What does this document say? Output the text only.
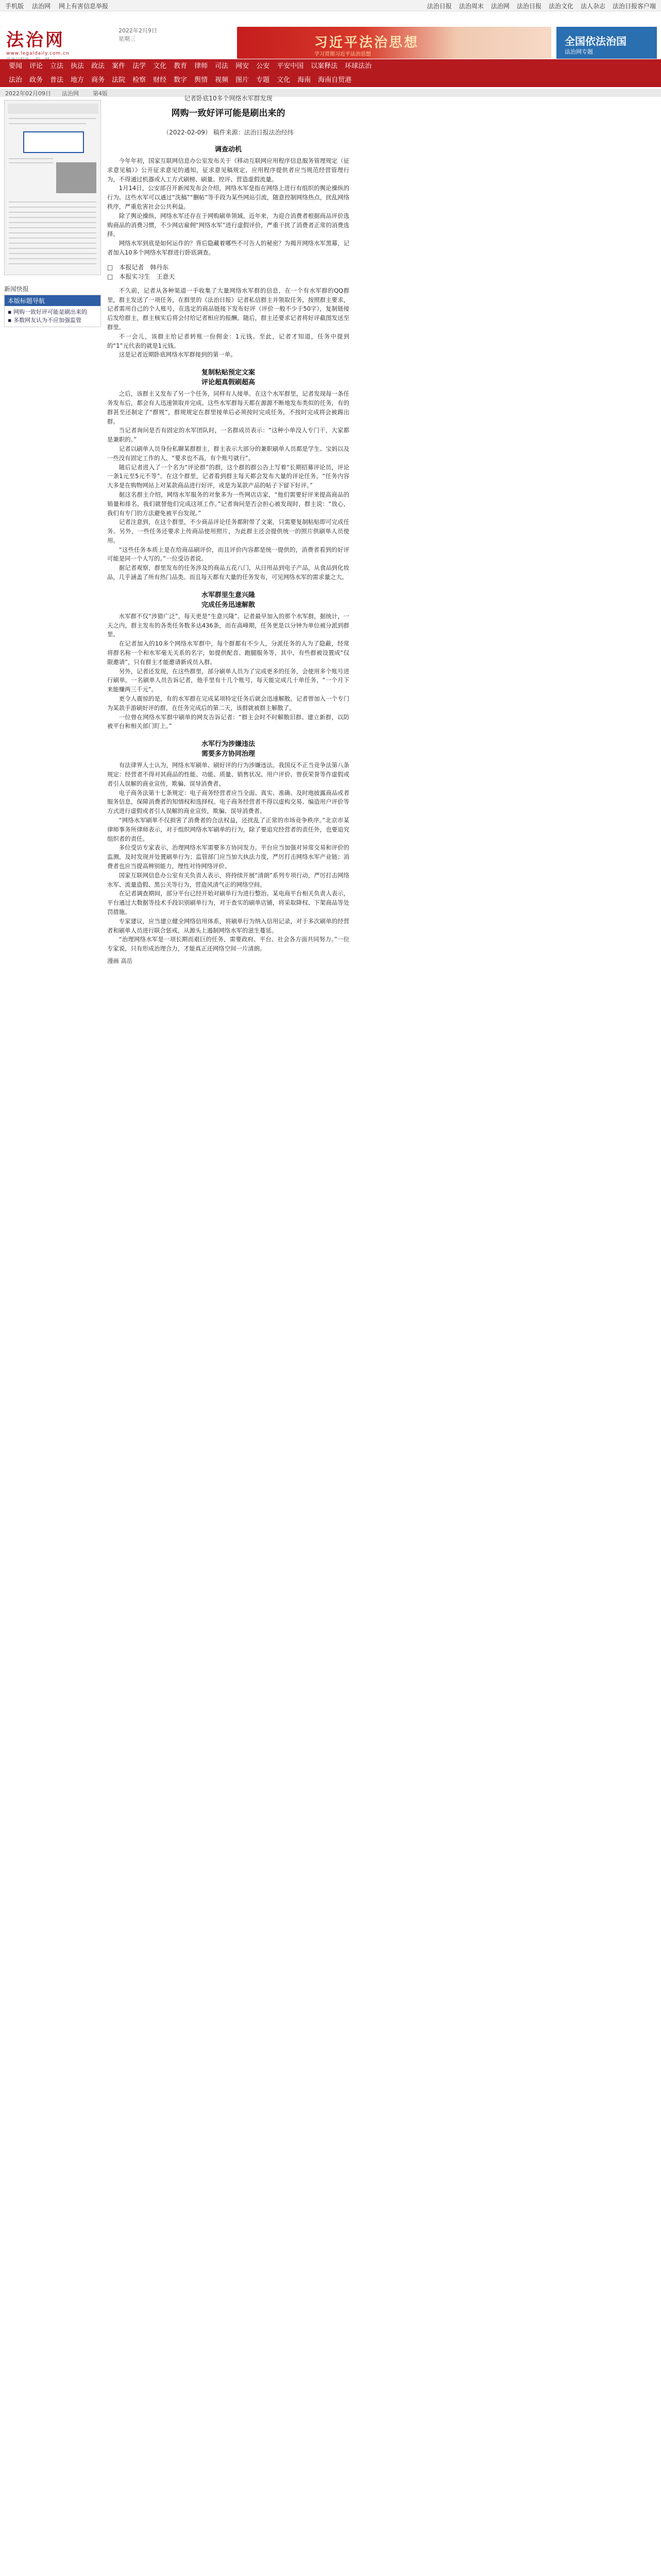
手机版 法治网 网上有害信息举报	法治日报 法治周末 法治网 法治日报 法治文化 法人杂志 法治日报客户端
法治网
www.legaldaily.com.cn
2022年2月9日
星期三	习近平法治思想
学习贯彻习近平法治思想
全国依法治国
法治网专题
要闻	评论	立法	执法	政法	案件	法学	文化	教育	律师	司法	网安	公安	平安中国	以案释法	环球法治
法治	政务	普法	地方	商务	法院	检察	财经	数字	舆情	视频	图片	专题	文化	海南	海南自贸港
2022年02月09日 法治网 第4版
新闻快报
本版标题导航
▪ 网购一致好评可能是刷出来的
▪ 多数网友认为不应加强监管
记者卧底10多个网络水军群发现
网购一致好评可能是刷出来的
（2022-02-09） 稿件来源：法治日报法治经纬
调查动机

今年年初，国家互联网信息办公室发布关于《移动互联网应用程序信息服务管理规定（征求意见稿）》公开征求意见的通知，征求意见稿规定，应用程序提供者应当规范经营管理行为，不得通过机器或人工方式刷榜、刷量、控评、营造虚假流量。

1月14日，公安部召开新闻发布会介绍，网络水军是指在网络上进行有组织的舆论操纵的行为。这些水军可以通过“洗稿”“删帖”等手段为某些网站引流，随意控制网络热点，扰乱网络秩序，严重危害社会公共利益。

除了舆论操纵，网络水军还存在于网购刷单领域。近年来，为迎合消费者根据商品评价选购商品的消费习惯，不少网店雇佣“网络水军”进行虚假评价，严重干扰了消费者正常的消费选择。

网络水军到底是如何运作的？背后隐藏着哪些不可告人的秘密？为揭开网络水军黑幕，记者加入10多个网络水军群进行卧底调查。

□　本报记者　韩丹东
□　本报实习生　王意天

不久前，记者从各种渠道一手收集了大量网络水军群的信息，在一个有水军群的QQ群里，群主发送了一项任务，在群里的《法治日报》记者私信群主并领取任务，按照群主要求，记者需用自己的个人账号，在选定的商品链接下发布好评（评价一般不少于50字），复制链接后发给群主，群主核实后将会付给记者相应的报酬。随后，群主还要求记者将好评截图发送至群里。

不一会儿，该群主给记者转账一份佣金：1元钱。至此，记者才知道，任务中提到的“1”元代表的就是1元钱。

这是记者近期卧底网络水军群接到的第一单。

复制粘贴预定文案
评论超真假刷超高

之后，该群主又发布了另一个任务，同样有人接单。在这个水军群里，记者发现每一条任务发布后，都会有人迅速领取并完成。这些水军群每天都在源源不断地发布类似的任务，有的群甚至还制定了“群规”，群规规定在群里接单后必须按时完成任务，不按时完成将会被踢出群。

当记者询问是否有固定的水军团队时，一名群成员表示：“这种小单没人专门干，大家都是兼职的。”

记者以刷单人员身份私聊某群群主，群主表示大部分的兼职刷单人员都是学生、宝妈以及一些没有固定工作的人，“要求也不高，有个账号就行”。

随后记者进入了一个名为“评论群”的群，这个群的群公告上写着“长期招募评论员，评论一条1元至5元不等”。在这个群里，记者看到群主每天都会发布大量的评论任务，“任务内容大多是在购物网站上对某款商品进行好评，或是为某款产品的帖子下留下好评。”

据这名群主介绍，网络水军服务的对象多为一些网店店家，“他们需要好评来提高商品的销量和排名，我们就替他们完成这项工作。”记者询问是否会担心被发现时，群主说：“放心，我们有专门的方法避免被平台发现。”

记者注意到，在这个群里，不少商品评论任务都附带了文案，只需要复制粘贴即可完成任务。另外，一些任务还要求上传商品使用照片，为此群主还会提供统一的照片供刷单人员使用。

“这些任务本质上是在给商品刷评价，而且评价内容都是统一提供的，消费者看到的好评可能是同一个人写的。”一位受访者说。

据记者观察，群里发布的任务涉及的商品五花八门，从日用品到电子产品，从食品到化妆品，几乎涵盖了所有热门品类。而且每天都有大量的任务发布，可见网络水军的需求量之大。

水军群里生意兴隆
完成任务迅速解散

水军群不仅“涉猎广泛”，每天更是“生意兴隆”。记者最早加入的那个水军群，据统计，一天之内，群主发布的各类任务数多达436条，而在高峰期，任务更是以分钟为单位被分派到群里。

在记者加入的10多个网络水军群中，每个群都有不少人，分派任务的人为了隐蔽，经常将群名称一个和水军毫无关系的名字，如提供配音、跑腿服务等，其中，有些群被设置成“仅限邀请”，只有群主才能邀请新成员入群。

另外，记者还发现，在这些群里，部分刷单人员为了完成更多的任务，会使用多个账号进行刷单。一名刷单人员告诉记者，他手里有十几个账号，每天能完成几十单任务，“一个月下来能赚两三千元”。

更令人震惊的是，有的水军群在完成某项特定任务后就会迅速解散。记者曾加入一个专门为某款手游刷好评的群，在任务完成后的第二天，该群就被群主解散了。

一位曾在网络水军群中刷单的网友告诉记者：“群主会时不时解散旧群、建立新群，以防被平台和相关部门盯上。”

水军行为涉嫌违法
需要多方协同治理

有法律界人士认为，网络水军刷单、刷好评的行为涉嫌违法。我国反不正当竞争法第八条规定：经营者不得对其商品的性能、功能、质量、销售状况、用户评价、曾获荣誉等作虚假或者引人误解的商业宣传，欺骗、误导消费者。

电子商务法第十七条规定：电子商务经营者应当全面、真实、准确、及时地披露商品或者服务信息，保障消费者的知情权和选择权。电子商务经营者不得以虚构交易、编造用户评价等方式进行虚假或者引人误解的商业宣传，欺骗、误导消费者。

“网络水军刷单不仅损害了消费者的合法权益，还扰乱了正常的市场竞争秩序。”北京市某律师事务所律师表示，对于组织网络水军刷单的行为，除了要追究经营者的责任外，也要追究组织者的责任。

多位受访专家表示，治理网络水军需要多方协同发力。平台应当加强对异常交易和评价的监测，及时发现并处置刷单行为；监管部门应当加大执法力度，严厉打击网络水军产业链；消费者也应当提高辨别能力，理性对待网络评价。

国家互联网信息办公室有关负责人表示，将持续开展“清朗”系列专项行动，严厉打击网络水军、流量造假、黑公关等行为，营造风清气正的网络空间。

在记者调查期间，部分平台已经开始对刷单行为进行整治。某电商平台相关负责人表示，平台通过大数据等技术手段识别刷单行为，对于查实的刷单店铺，将采取降权、下架商品等处罚措施。

专家建议，应当建立健全网络信用体系，将刷单行为纳入信用记录，对于多次刷单的经营者和刷单人员进行联合惩戒，从源头上遏制网络水军的滋生蔓延。

“治理网络水军是一项长期而艰巨的任务，需要政府、平台、社会各方面共同努力。”一位专家说，只有形成治理合力，才能真正还网络空间一片清朗。

漫画 高岳
